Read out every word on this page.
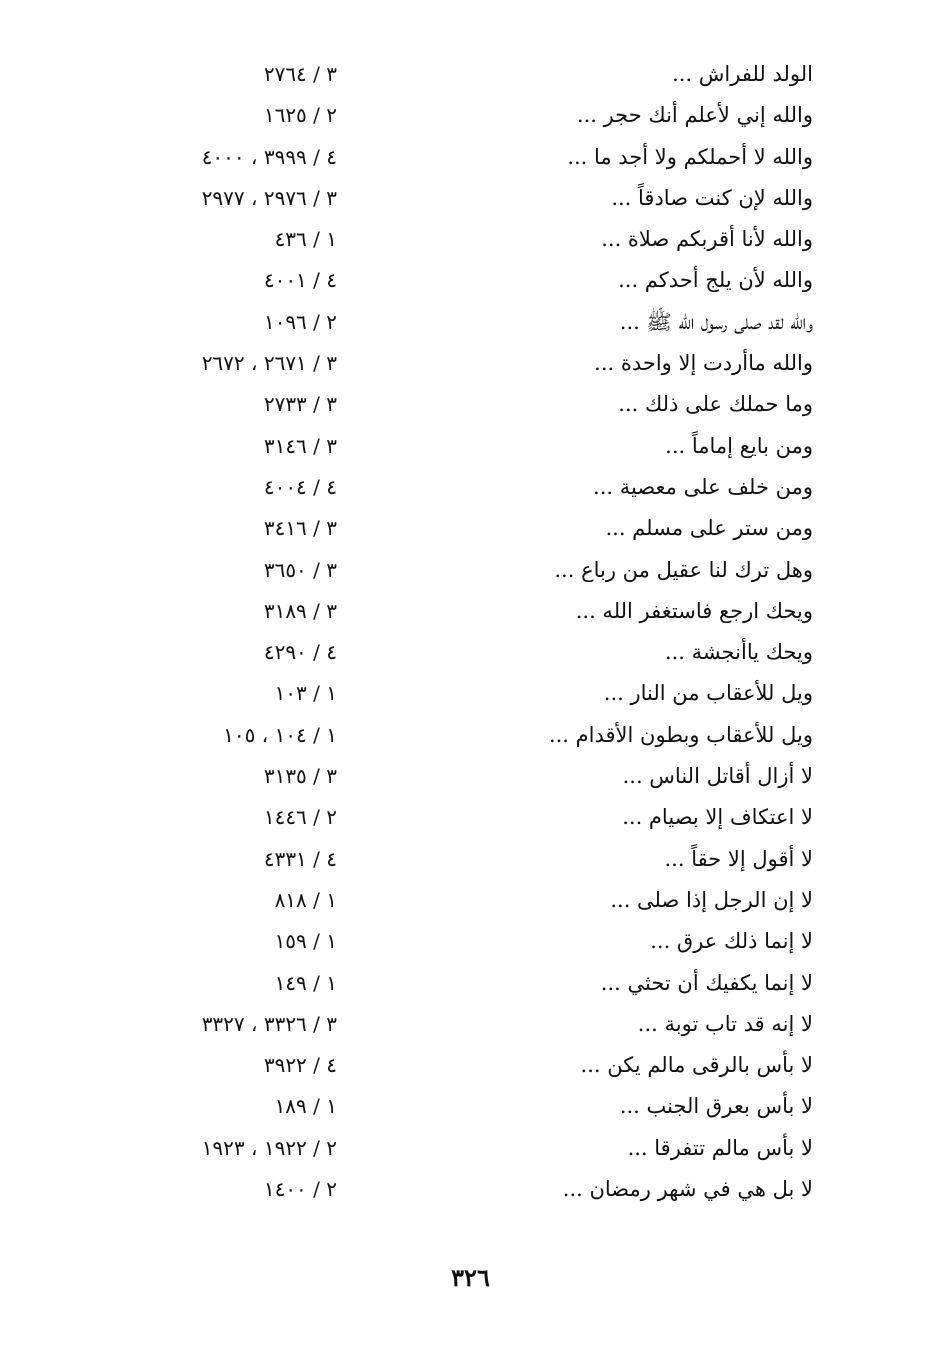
الولد للفراش ...
٣ / ٢٧٦٤
والله إني لأعلم أنك حجر ...
٢ / ١٦٢٥
والله لا أحملكم ولا أجد ما ...
٤ / ٣٩٩٩ ، ٤٠٠٠
والله لإن كنت صادقاً ...
٣ / ٢٩٧٦ ، ٢٩٧٧
والله لأنا أقربكم صلاة ...
١ / ٤٣٦
والله لأن يلج أحدكم ...
٤ / ٤٠٠١
والله لقد صلى رسول الله ﷺ ...
٢ / ١٠٩٦
والله ماأردت إلا واحدة ...
٣ / ٢٦٧١ ، ٢٦٧٢
وما حملك على ذلك ...
٣ / ٢٧٣٣
ومن بايع إماماً ...
٣ / ٣١٤٦
ومن خلف على معصية ...
٤ / ٤٠٠٤
ومن ستر على مسلم ...
٣ / ٣٤١٦
وهل ترك لنا عقيل من رباع ...
٣ / ٣٦٥٠
ويحك ارجع فاستغفر الله ...
٣ / ٣١٨٩
ويحك ياأنجشة ...
٤ / ٤٢٩٠
ويل للأعقاب من النار ...
١ / ١٠٣
ويل للأعقاب وبطون الأقدام ...
١ / ١٠٤ ، ١٠٥
لا أزال أقاتل الناس ...
٣ / ٣١٣٥
لا اعتكاف إلا بصيام ...
٢ / ١٤٤٦
لا أقول إلا حقاً ...
٤ / ٤٣٣١
لا إن الرجل إذا صلى ...
١ / ٨١٨
لا إنما ذلك عرق ...
١ / ١٥٩
لا إنما يكفيك أن تحثي ...
١ / ١٤٩
لا إنه قد تاب توبة ...
٣ / ٣٣٢٦ ، ٣٣٢٧
لا بأس بالرقى مالم يكن ...
٤ / ٣٩٢٢
لا بأس بعرق الجنب ...
١ / ١٨٩
لا بأس مالم تتفرقا ...
٢ / ١٩٢٢ ، ١٩٢٣
لا بل هي في شهر رمضان ...
٢ / ١٤٠٠
٣٢٦
